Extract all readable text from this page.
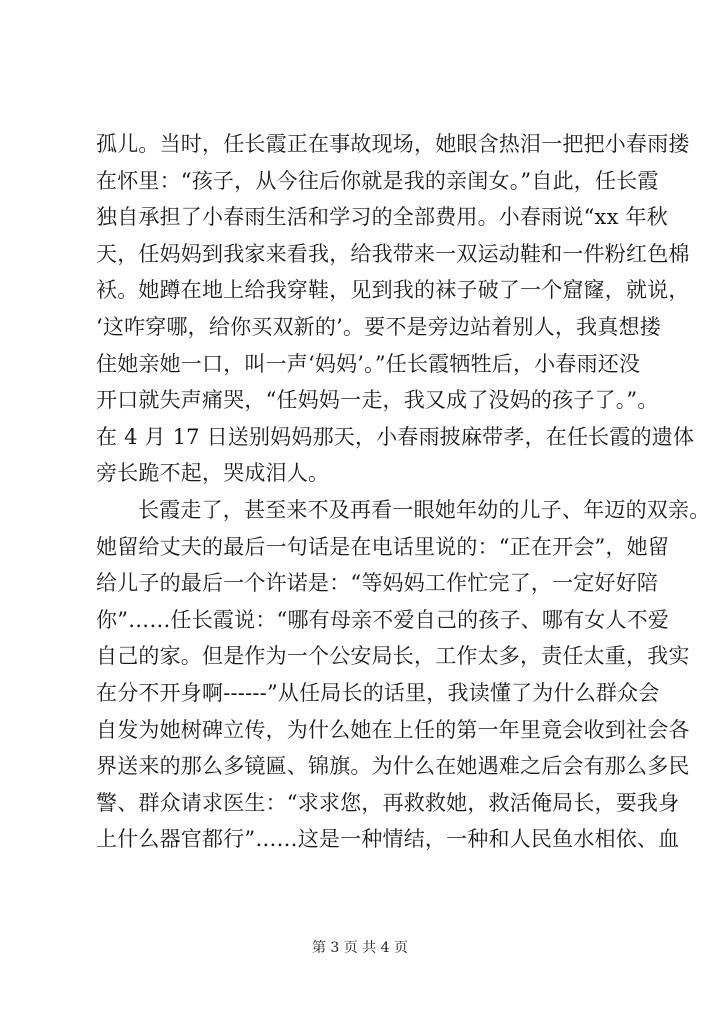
孤儿。当时，任长霞正在事故现场，她眼含热泪一把把小春雨搂
在怀里：“孩子，从今往后你就是我的亲闺女。”自此，任长霞
独自承担了小春雨生活和学习的全部费用。小春雨说“xx 年秋
天，任妈妈到我家来看我，给我带来一双运动鞋和一件粉红色棉
袄。她蹲在地上给我穿鞋，见到我的袜子破了一个窟窿，就说，
‘这咋穿哪，给你买双新的’。要不是旁边站着别人，我真想搂
住她亲她一口，叫一声‘妈妈’。”任长霞牺牲后，小春雨还没
开口就失声痛哭，“任妈妈一走，我又成了没妈的孩子了。”。
在 4 月 17 日送别妈妈那天，小春雨披麻带孝，在任长霞的遗体
旁长跪不起，哭成泪人。

长霞走了，甚至来不及再看一眼她年幼的儿子、年迈的双亲。
她留给丈夫的最后一句话是在电话里说的：“正在开会”，她留
给儿子的最后一个许诺是：“等妈妈工作忙完了，一定好好陪
你”……任长霞说：“哪有母亲不爱自己的孩子、哪有女人不爱
自己的家。但是作为一个公安局长，工作太多，责任太重，我实
在分不开身啊------”从任局长的话里，我读懂了为什么群众会
自发为她树碑立传，为什么她在上任的第一年里竟会收到社会各
界送来的那么多镜匾、锦旗。为什么在她遇难之后会有那么多民
警、群众请求医生：“求求您，再救救她，救活俺局长，要我身
上什么器官都行”……这是一种情结，一种和人民鱼水相依、血

第 3 页 共 4 页
